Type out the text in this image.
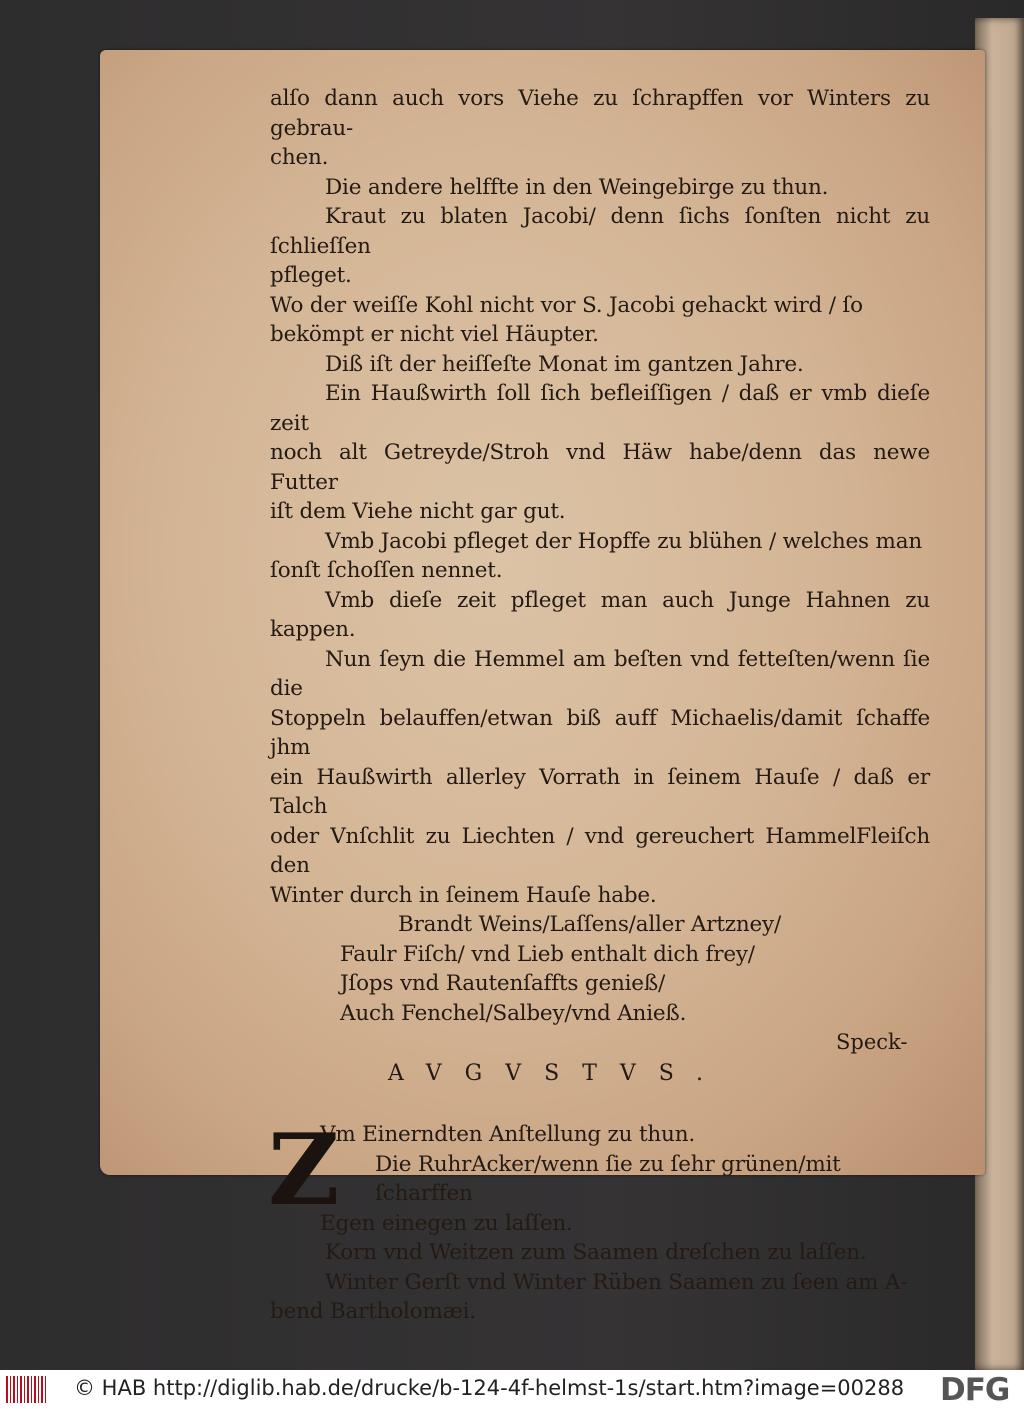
alſo dann auch vors Viehe zu ſchrapffen vor Winters zu gebrau-

chen.

Die andere helffte in den Weingebirge zu thun.

Kraut zu blaten Jacobi/ denn ſichs ſonſten nicht zu ſchlieſſen

pfleget.

Wo der weiſſe Kohl nicht vor S. Jacobi gehackt wird / ſo

bekömpt er nicht viel Häupter.

Diß iſt der heiſſeſte Monat im gantzen Jahre.

Ein Haußwirth ſoll ſich befleiſſigen / daß er vmb dieſe zeit

noch alt Getreyde/Stroh vnd Häw habe/denn das newe Futter

iſt dem Viehe nicht gar gut.

Vmb Jacobi pfleget der Hopffe zu blühen / welches man

ſonſt ſchoſſen nennet.

Vmb dieſe zeit pfleget man auch Junge Hahnen zu kappen.

Nun ſeyn die Hemmel am beſten vnd fetteſten/wenn ſie die

Stoppeln belauffen/etwan biß auff Michaelis/damit ſchaffe jhm

ein Haußwirth allerley Vorrath in ſeinem Hauſe / daß er Talch

oder Vnſchlit zu Liechten / vnd gereuchert HammelFleiſch den

Winter durch in ſeinem Hauſe habe.

Brandt Weins/Laſſens/aller Artzney/

Faulr Fiſch/ vnd Lieb enthalt dich frey/

Jſops vnd Rautenſaffts genieß/

Auch Fenchel/Salbey/vnd Anieß.

AVGVSTVS.

Z

Vm Einerndten Anſtellung zu thun.

Die RuhrAcker/wenn ſie zu ſehr grünen/mit ſcharffen

Egen einegen zu laſſen.

Korn vnd Weitzen zum Saamen dreſchen zu laſſen.

Winter Gerſt vnd Winter Rüben Saamen zu ſeen am A-

bend Bartholomæi.

Speck-
© HAB http://diglib.hab.de/drucke/b-124-4f-helmst-1s/start.htm?image=00288	DFG
